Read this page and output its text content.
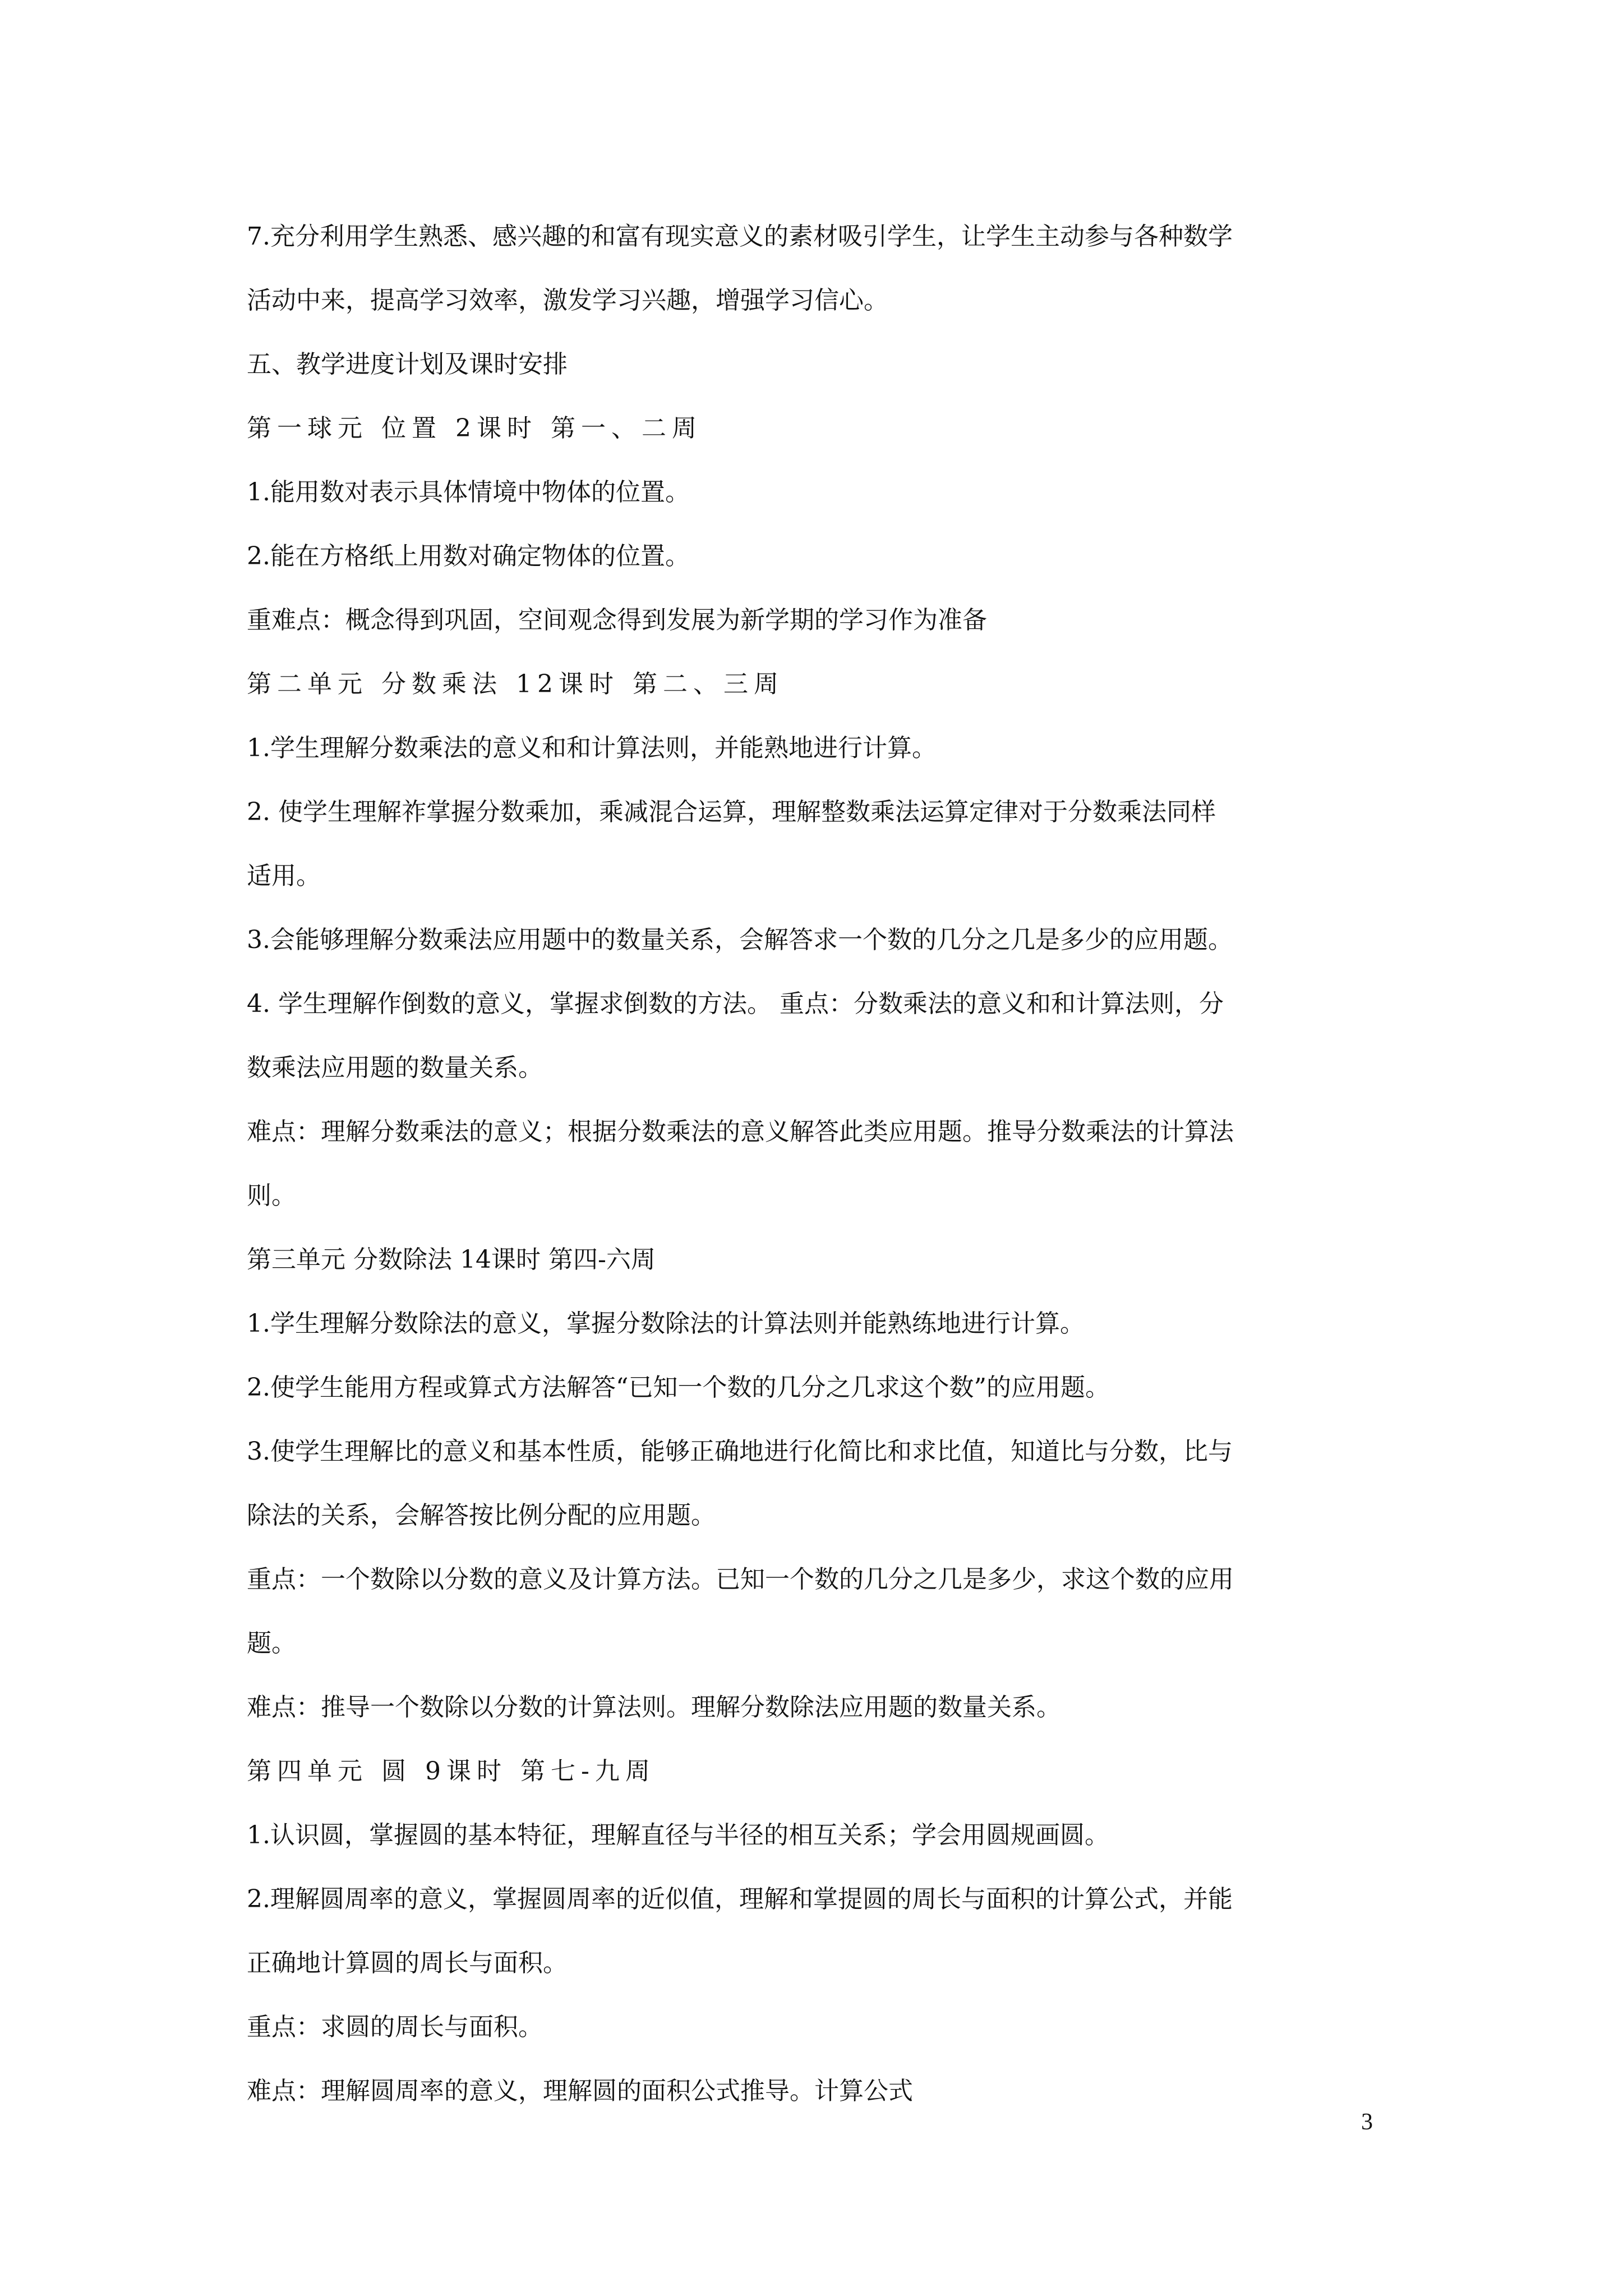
7.充分利用学生熟悉、感兴趣的和富有现实意义的素材吸引学生，让学生主动参与各种数学
活动中来，提高学习效率，激发学习兴趣，增强学习信心。
五、教学进度计划及课时安排
第一球元 位置 2课时 第一、二周
1.能用数对表示具体情境中物体的位置。
2.能在方格纸上用数对确定物体的位置。
重难点：概念得到巩固，空间观念得到发展为新学期的学习作为准备
第二单元 分数乘法 12课时 第二、三周
1.学生理解分数乘法的意义和和计算法则，并能熟地进行计算。
2. 使学生理解祚掌握分数乘加，乘减混合运算，理解整数乘法运算定律对于分数乘法同样
适用。
3.会能够理解分数乘法应用题中的数量关系，会解答求一个数的几分之几是多少的应用题。
4. 学生理解作倒数的意义，掌握求倒数的方法。 重点：分数乘法的意义和和计算法则，分
数乘法应用题的数量关系。
难点：理解分数乘法的意义；根据分数乘法的意义解答此类应用题。推导分数乘法的计算法
则。
第三单元 分数除法 14课时 第四-六周
1.学生理解分数除法的意义，掌握分数除法的计算法则并能熟练地进行计算。
2.使学生能用方程或算式方法解答“已知一个数的几分之几求这个数”的应用题。
3.使学生理解比的意义和基本性质，能够正确地进行化简比和求比值，知道比与分数，比与
除法的关系，会解答按比例分配的应用题。
重点：一个数除以分数的意义及计算方法。已知一个数的几分之几是多少，求这个数的应用
题。
难点：推导一个数除以分数的计算法则。理解分数除法应用题的数量关系。
第四单元 圆 9课时 第七-九周
1.认识圆，掌握圆的基本特征，理解直径与半径的相互关系；学会用圆规画圆。
2.理解圆周率的意义，掌握圆周率的近似值，理解和掌提圆的周长与面积的计算公式，并能
正确地计算圆的周长与面积。
重点：求圆的周长与面积。
难点：理解圆周率的意义，理解圆的面积公式推导。计算公式
3
